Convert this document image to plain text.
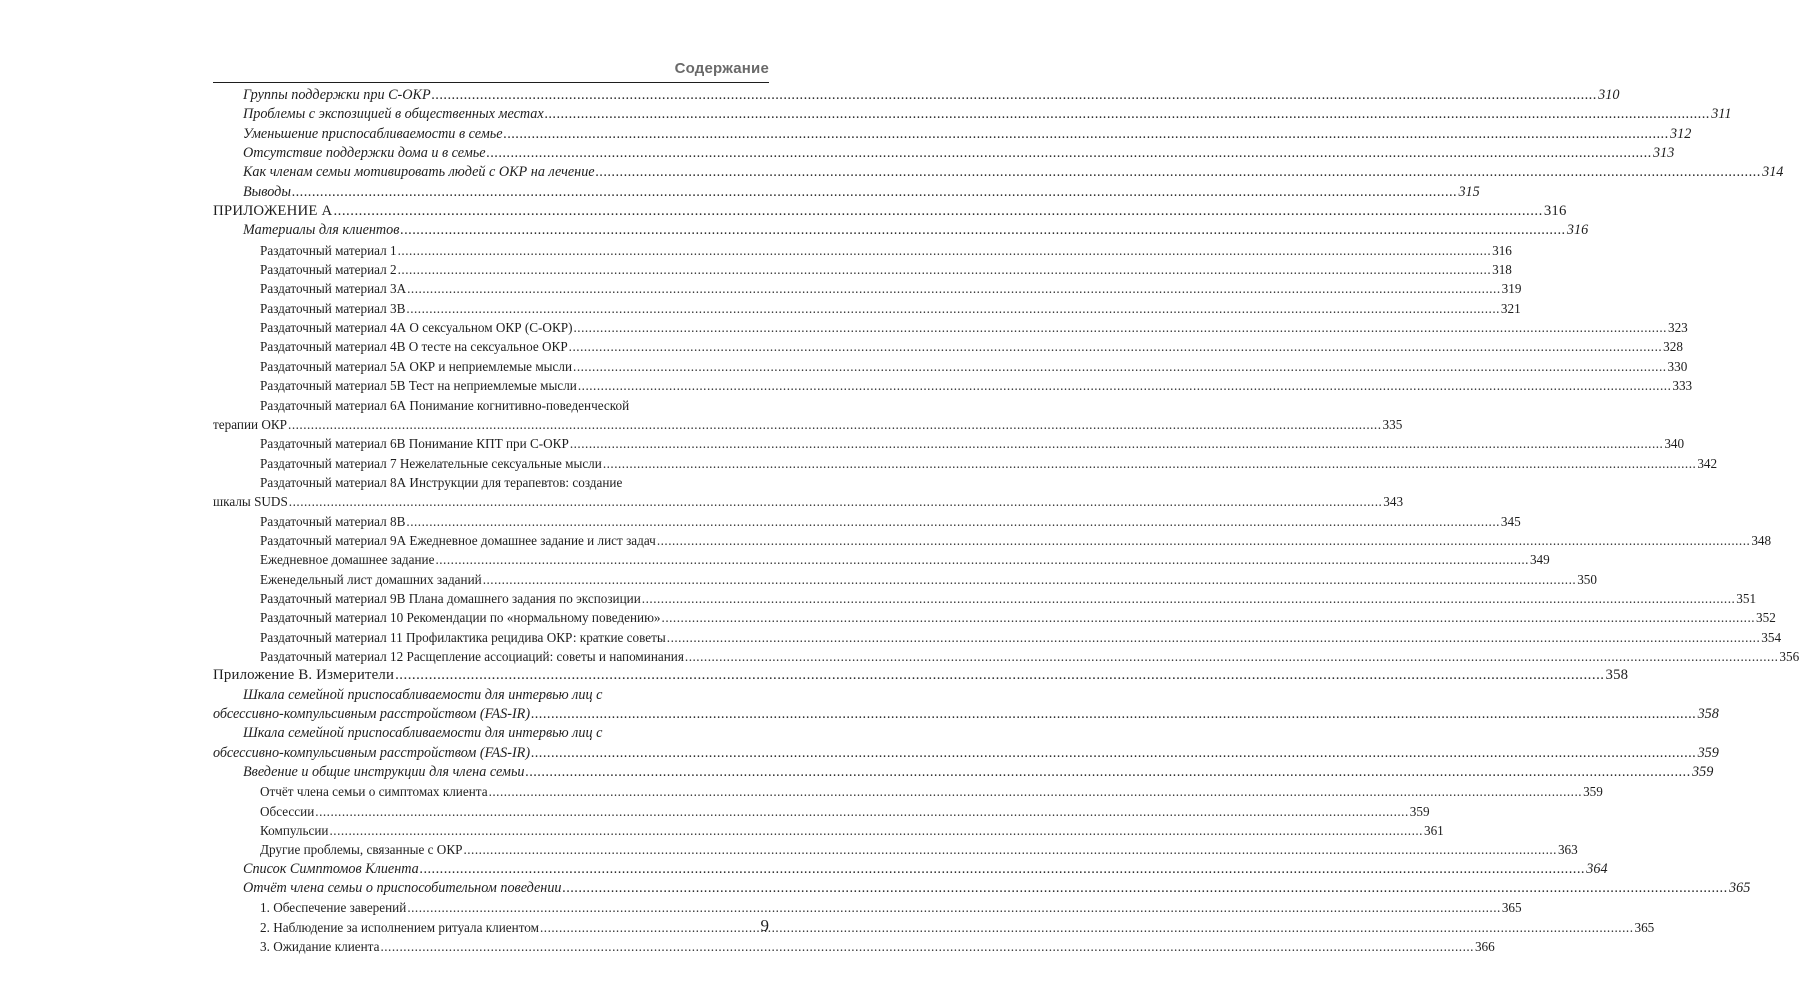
Содержание
Группы поддержки при С-ОКР .....	310
Проблемы с экспозицией в общественных местах .....	311
Уменьшение приспосабливаемости в семье .....	312
Отсутствие поддержки дома и в семье .....	313
Как членам семьи мотивировать людей с ОКР на лечение .....	314
Выводы .....	315
ПРИЛОЖЕНИЕ А .....	316
Материалы для клиентов .....	316
Раздаточный материал 1 .....	316
Раздаточный материал 2 .....	318
Раздаточный материал 3А .....	319
Раздаточный материал 3В .....	321
Раздаточный материал 4А О сексуальном ОКР (С-ОКР) .....	323
Раздаточный материал 4В О тесте на сексуальное ОКР .....	328
Раздаточный материал 5А ОКР и неприемлемые мысли .....	330
Раздаточный материал 5В Тест на неприемлемые мысли .....	333
Раздаточный материал 6А Понимание когнитивно-поведенческой
терапии ОКР .....	335
Раздаточный материал 6В Понимание КПТ при С-ОКР .....	340
Раздаточный материал 7 Нежелательные сексуальные мысли .....	342
Раздаточный материал 8А Инструкции для терапевтов: создание
шкалы SUDS .....	343
Раздаточный материал 8В .....	345
Раздаточный материал 9А Ежедневное домашнее задание и лист задач .....	348
Ежедневное домашнее задание .....	349
Еженедельный лист домашних заданий .....	350
Раздаточный материал 9В Плана домашнего задания по экспозиции .....	351
Раздаточный материал 10 Рекомендации по «нормальному поведению» .....	352
Раздаточный материал 11 Профилактика рецидива ОКР: краткие советы .....	354
Раздаточный материал 12 Расщепление ассоциаций: советы и напоминания .....	356
Приложение В. Измерители .....	358
Шкала семейной приспосабливаемости для интервью лиц с
обсессивно-компульсивным расстройством (FAS-IR) .....	358
Шкала семейной приспосабливаемости для интервью лиц с
обсессивно-компульсивным расстройством (FAS-IR) .....	359
Введение и общие инструкции для члена семьи .....	359
Отчёт члена семьи о симптомах клиента .....	359
Обсессии .....	359
Компульсии .....	361
Другие проблемы, связанные с ОКР .....	363
Список Симптомов Клиента .....	364
Отчёт члена семьи о приспособительном поведении .....	365
1. Обеспечение заверений .....	365
2. Наблюдение за исполнением ритуала клиентом .....	365
3. Ожидание клиента .....	366
9
